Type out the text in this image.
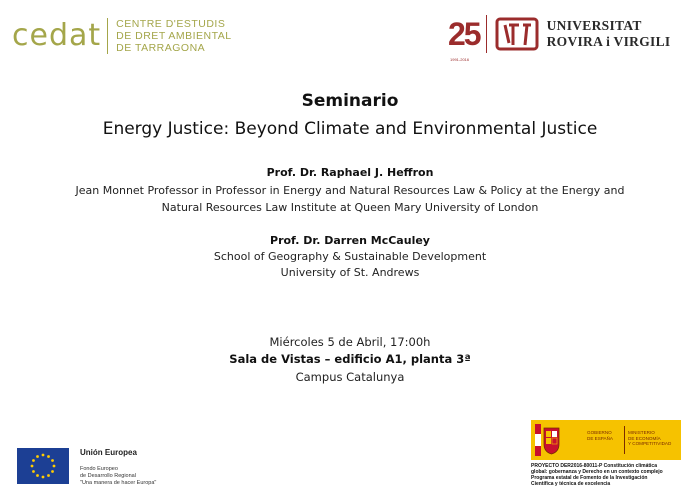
cedat CENTRE D'ESTUDIS
DE DRET AMBIENTAL
DE TARRAGONA	25
1991-2016
UNIVERSITAT
ROVIRA i VIRGILI
Seminario
Energy Justice: Beyond Climate and Environmental Justice
Prof. Dr. Raphael J. Heffron
Jean Monnet Professor in Professor in Energy and Natural Resources Law & Policy at the Energy and
Natural Resources Law Institute at Queen Mary University of London
Prof. Dr. Darren McCauley
School of Geography & Sustainable Development
University of St. Andrews
Miércoles 5 de Abril, 17:00h
Sala de Vistas – edificio A1, planta 3ª
Campus Catalunya
Unión Europea
Fondo Europeo
de Desarrollo Regional
"Una manera de hacer Europa"
GOBIERNO
DE ESPAÑA
MINISTERIO
DE ECONOMÍA
Y COMPETITIVIDAD
PROYECTO DER2016-80011-P Constitución climática
global: gobernanza y Derecho en un contexto complejo
Programa estatal de Fomento de la Investigación
Científica y técnica de excelencia
